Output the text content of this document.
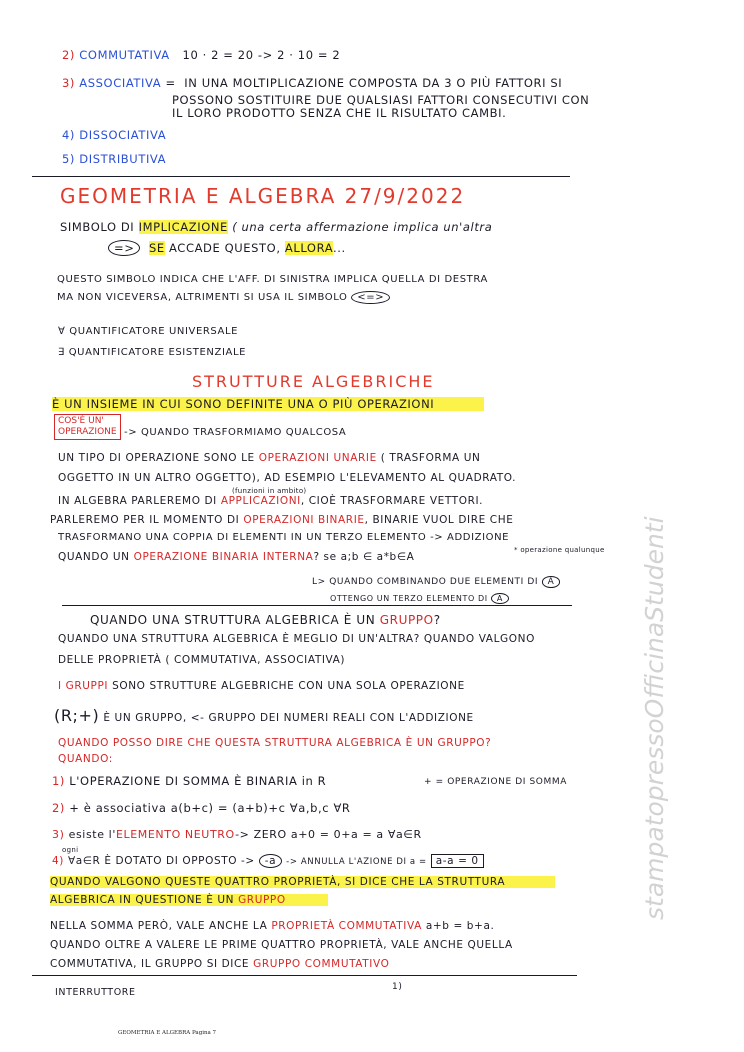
2) COMMUTATIVA 10 · 2 = 20 -> 2 · 10 = 2
3) ASSOCIATIVA = IN UNA MOLTIPLICAZIONE COMPOSTA DA 3 O PIÙ FATTORI SI
POSSONO SOSTITUIRE DUE QUALSIASI FATTORI CONSECUTIVI CON
IL LORO PRODOTTO SENZA CHE IL RISULTATO CAMBI.
4) DISSOCIATIVA
5) DISTRIBUTIVA
GEOMETRIA E ALGEBRA 27/9/2022
SIMBOLO DI IMPLICAZIONE ( una certa affermazione implica un'altra
=> SE ACCADE QUESTO, ALLORA...
QUESTO SIMBOLO INDICA CHE L'AFF. DI SINISTRA IMPLICA QUELLA DI DESTRA
MA NON VICEVERSA, ALTRIMENTI SI USA IL SIMBOLO <=>
∀ QUANTIFICATORE UNIVERSALE
∃ QUANTIFICATORE ESISTENZIALE
STRUTTURE ALGEBRICHE
È UN INSIEME IN CUI SONO DEFINITE UNA O PIÙ OPERAZIONI
COS'È UN'
OPERAZIONE -> QUANDO TRASFORMIAMO QUALCOSA
UN TIPO DI OPERAZIONE SONO LE OPERAZIONI UNARIE ( TRASFORMA UN
OGGETTO IN UN ALTRO OGGETTO), AD ESEMPIO L'ELEVAMENTO AL QUADRATO.
(funzioni in ambito)
IN ALGEBRA PARLEREMO DI APPLICAZIONI, CIOÈ TRASFORMARE VETTORI.
PARLEREMO PER IL MOMENTO DI OPERAZIONI BINARIE, BINARIE VUOL DIRE CHE
TRASFORMANO UNA COPPIA DI ELEMENTI IN UN TERZO ELEMENTO -> ADDIZIONE
QUANDO UN OPERAZIONE BINARIA INTERNA? se a;b ∈ a*b∈A
* operazione qualunque
L> QUANDO COMBINANDO DUE ELEMENTI DI A
OTTENGO UN TERZO ELEMENTO DI A
QUANDO UNA STRUTTURA ALGEBRICA È UN GRUPPO?
QUANDO UNA STRUTTURA ALGEBRICA È MEGLIO DI UN'ALTRA? QUANDO VALGONO
DELLE PROPRIETÀ ( COMMUTATIVA, ASSOCIATIVA)
I GRUPPI SONO STRUTTURE ALGEBRICHE CON UNA SOLA OPERAZIONE
(R;+) È UN GRUPPO, <- GRUPPO DEI NUMERI REALI CON L'ADDIZIONE
QUANDO POSSO DIRE CHE QUESTA STRUTTURA ALGEBRICA È UN GRUPPO?
QUANDO:
1) L'OPERAZIONE DI SOMMA È BINARIA in R	+ = OPERAZIONE DI SOMMA
2) + è associativa a(b+c) = (a+b)+c ∀a,b,c ∀R
3) esiste l'ELEMENTO NEUTRO-> ZERO a+0 = 0+a = a ∀a∈R
ogni
4) ∀a∈R È DOTATO DI OPPOSTO -> -a -> ANNULLA L'AZIONE DI a = a-a = 0
QUANDO VALGONO QUESTE QUATTRO PROPRIETÀ, SI DICE CHE LA STRUTTURA
ALGEBRICA IN QUESTIONE È UN GRUPPO
NELLA SOMMA PERÒ, VALE ANCHE LA PROPRIETÀ COMMUTATIVA a+b = b+a.
QUANDO OLTRE A VALERE LE PRIME QUATTRO PROPRIETÀ, VALE ANCHE QUELLA
COMMUTATIVA, IL GRUPPO SI DICE GRUPPO COMMUTATIVO
INTERRUTTORE	1)
GEOMETRIA E ALGEBRA Pagina 7
stampatopressoOfficinaStudenti
